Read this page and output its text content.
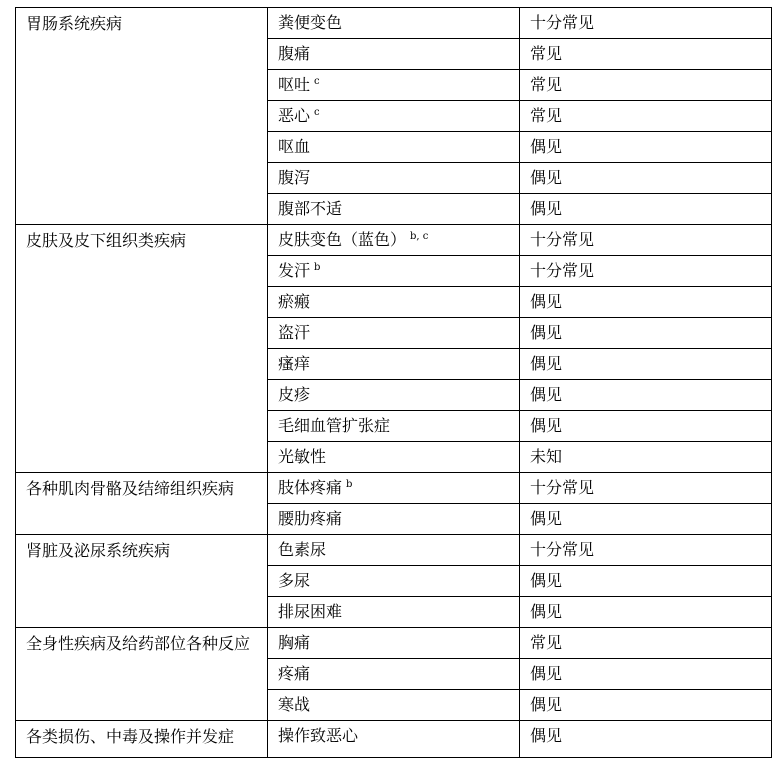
胃肠系统疾病	粪便变色	十分常见
	腹痛	常见
	呕吐 $^c$	常见
	恶心 $^c$	常见
	呕血	偶见
	腹泻	偶见
	腹部不适	偶见
皮肤及皮下组织类疾病	皮肤变色（蓝色） $^{b, c}$	十分常见
	发汗 $^b$	十分常见
	瘀瘢	偶见
	盗汗	偶见
	瘙痒	偶见
	皮疹	偶见
	毛细血管扩张症	偶见
	光敏性	未知
各种肌肉骨骼及结缔组织疾病	肢体疼痛 $^b$	十分常见
	腰肋疼痛	偶见
肾脏及泌尿系统疾病	色素尿	十分常见
	多尿	偶见
	排尿困难	偶见
全身性疾病及给药部位各种反应	胸痛	常见
	疼痛	偶见
	寒战	偶见
各类损伤、中毒及操作并发症	操作致恶心	偶见
